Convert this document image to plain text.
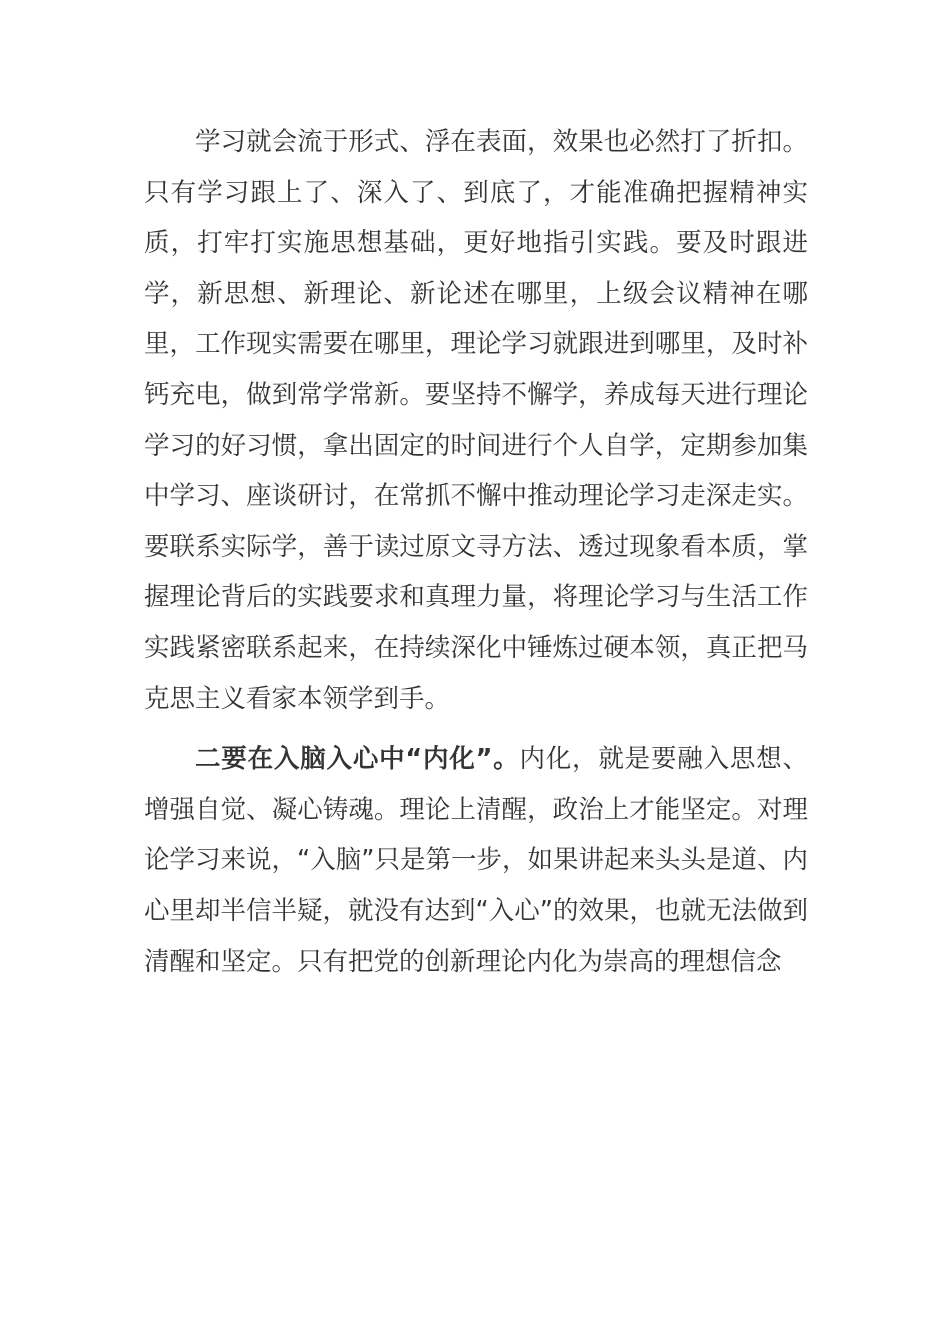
学习就会流于形式、浮在表面，效果也必然打了折扣。只有学习跟上了、深入了、到底了，才能准确把握精神实质，打牢打实施思想基础，更好地指引实践。要及时跟进学，新思想、新理论、新论述在哪里，上级会议精神在哪里，工作现实需要在哪里，理论学习就跟进到哪里，及时补钙充电，做到常学常新。要坚持不懈学，养成每天进行理论学习的好习惯，拿出固定的时间进行个人自学，定期参加集中学习、座谈研讨，在常抓不懈中推动理论学习走深走实。要联系实际学，善于读过原文寻方法、透过现象看本质，掌握理论背后的实践要求和真理力量，将理论学习与生活工作实践紧密联系起来，在持续深化中锤炼过硬本领，真正把马克思主义看家本领学到手。

二要在入脑入心中“内化”。内化，就是要融入思想、增强自觉、凝心铸魂。理论上清醒，政治上才能坚定。对理论学习来说，“入脑”只是第一步，如果讲起来头头是道、内心里却半信半疑，就没有达到“入心”的效果，也就无法做到清醒和坚定。只有把党的创新理论内化为崇高的理想信念
